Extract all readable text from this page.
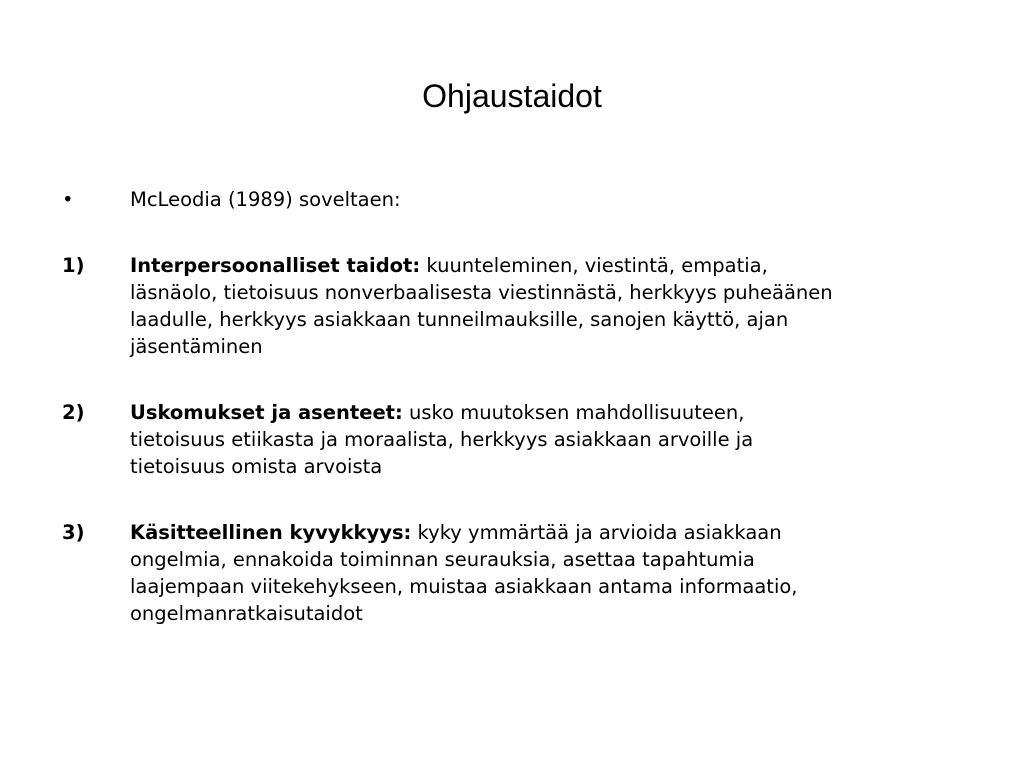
Ohjaustaidot
•	McLeodia (1989) soveltaen:
1) Interpersoonalliset taidot: kuunteleminen, viestintä, empatia,
läsnäolo, tietoisuus nonverbaalisesta viestinnästä, herkkyys puheäänen
laadulle, herkkyys asiakkaan tunneilmauksille, sanojen käyttö, ajan
jäsentäminen
2) Uskomukset ja asenteet: usko muutoksen mahdollisuuteen,
tietoisuus etiikasta ja moraalista, herkkyys asiakkaan arvoille ja
tietoisuus omista arvoista
3) Käsitteellinen kyvykkyys: kyky ymmärtää ja arvioida asiakkaan
ongelmia, ennakoida toiminnan seurauksia, asettaa tapahtumia
laajempaan viitekehykseen, muistaa asiakkaan antama informaatio,
ongelmanratkaisutaidot
